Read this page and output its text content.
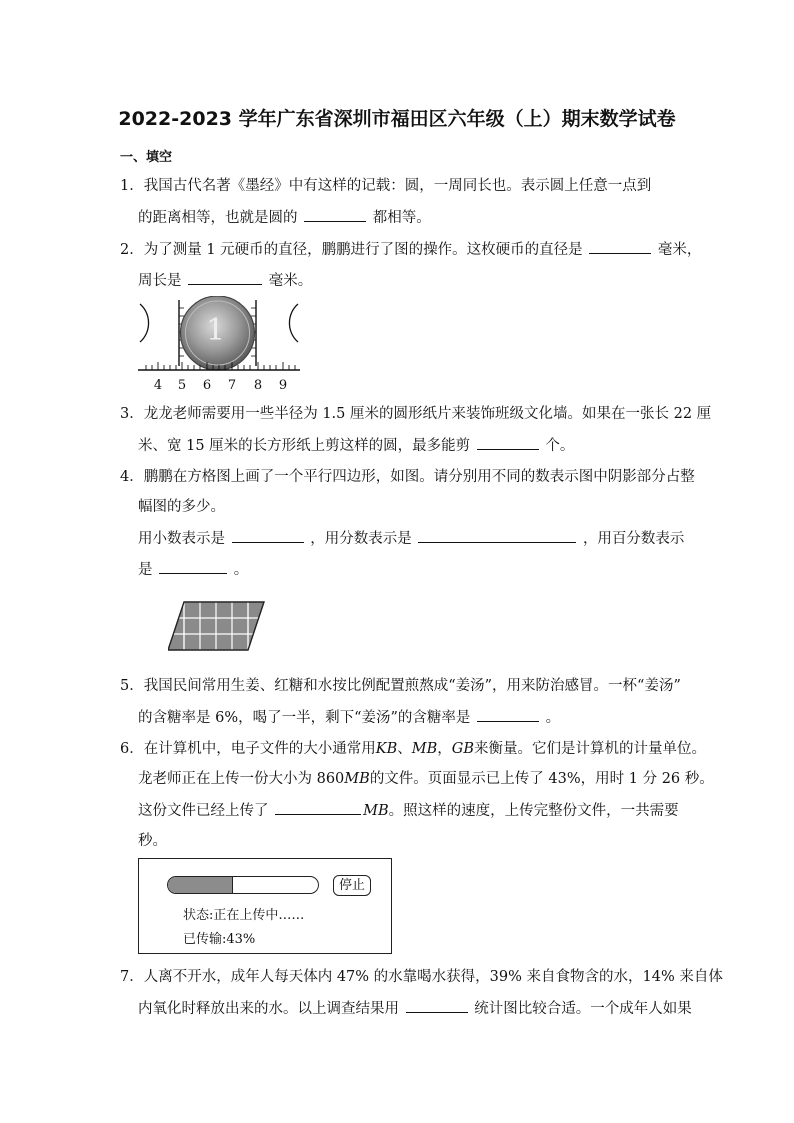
2022-2023 学年广东省深圳市福田区六年级（上）期末数学试卷
一、填空
1．我国古代名著《墨经》中有这样的记载：圆，一周同长也。表示圆上任意一点到
的距离相等，也就是圆的	都相等。
2．为了测量 1 元硬币的直径，鹏鹏进行了图的操作。这枚硬币的直径是	毫米，
周长是	毫米。
1
4 5 6 7 8 9
3．龙龙老师需要用一些半径为 1.5 厘米的圆形纸片来装饰班级文化墙。如果在一张长 22 厘
米、宽 15 厘米的长方形纸上剪这样的圆，最多能剪	个。
4．鹏鹏在方格图上画了一个平行四边形，如图。请分别用不同的数表示图中阴影部分占整
幅图的多少。
用小数表示是	，用分数表示是	，用百分数表示
是	。
5．我国民间常用生姜、红糖和水按比例配置煎熬成“姜汤”，用来防治感冒。一杯“姜汤”
的含糖率是 6%，喝了一半，剩下“姜汤”的含糖率是	。
6．在计算机中，电子文件的大小通常用KB、MB，GB来衡量。它们是计算机的计量单位。
龙老师正在上传一份大小为 860MB的文件。页面显示已上传了 43%，用时 1 分 26 秒。
这份文件已经上传了	MB。照这样的速度，上传完整份文件，一共需要
秒。
停止
状态:正在上传中……
已传输:43%
7．人离不开水，成年人每天体内 47% 的水靠喝水获得，39% 来自食物含的水，14% 来自体
内氧化时释放出来的水。以上调查结果用	统计图比较合适。一个成年人如果
